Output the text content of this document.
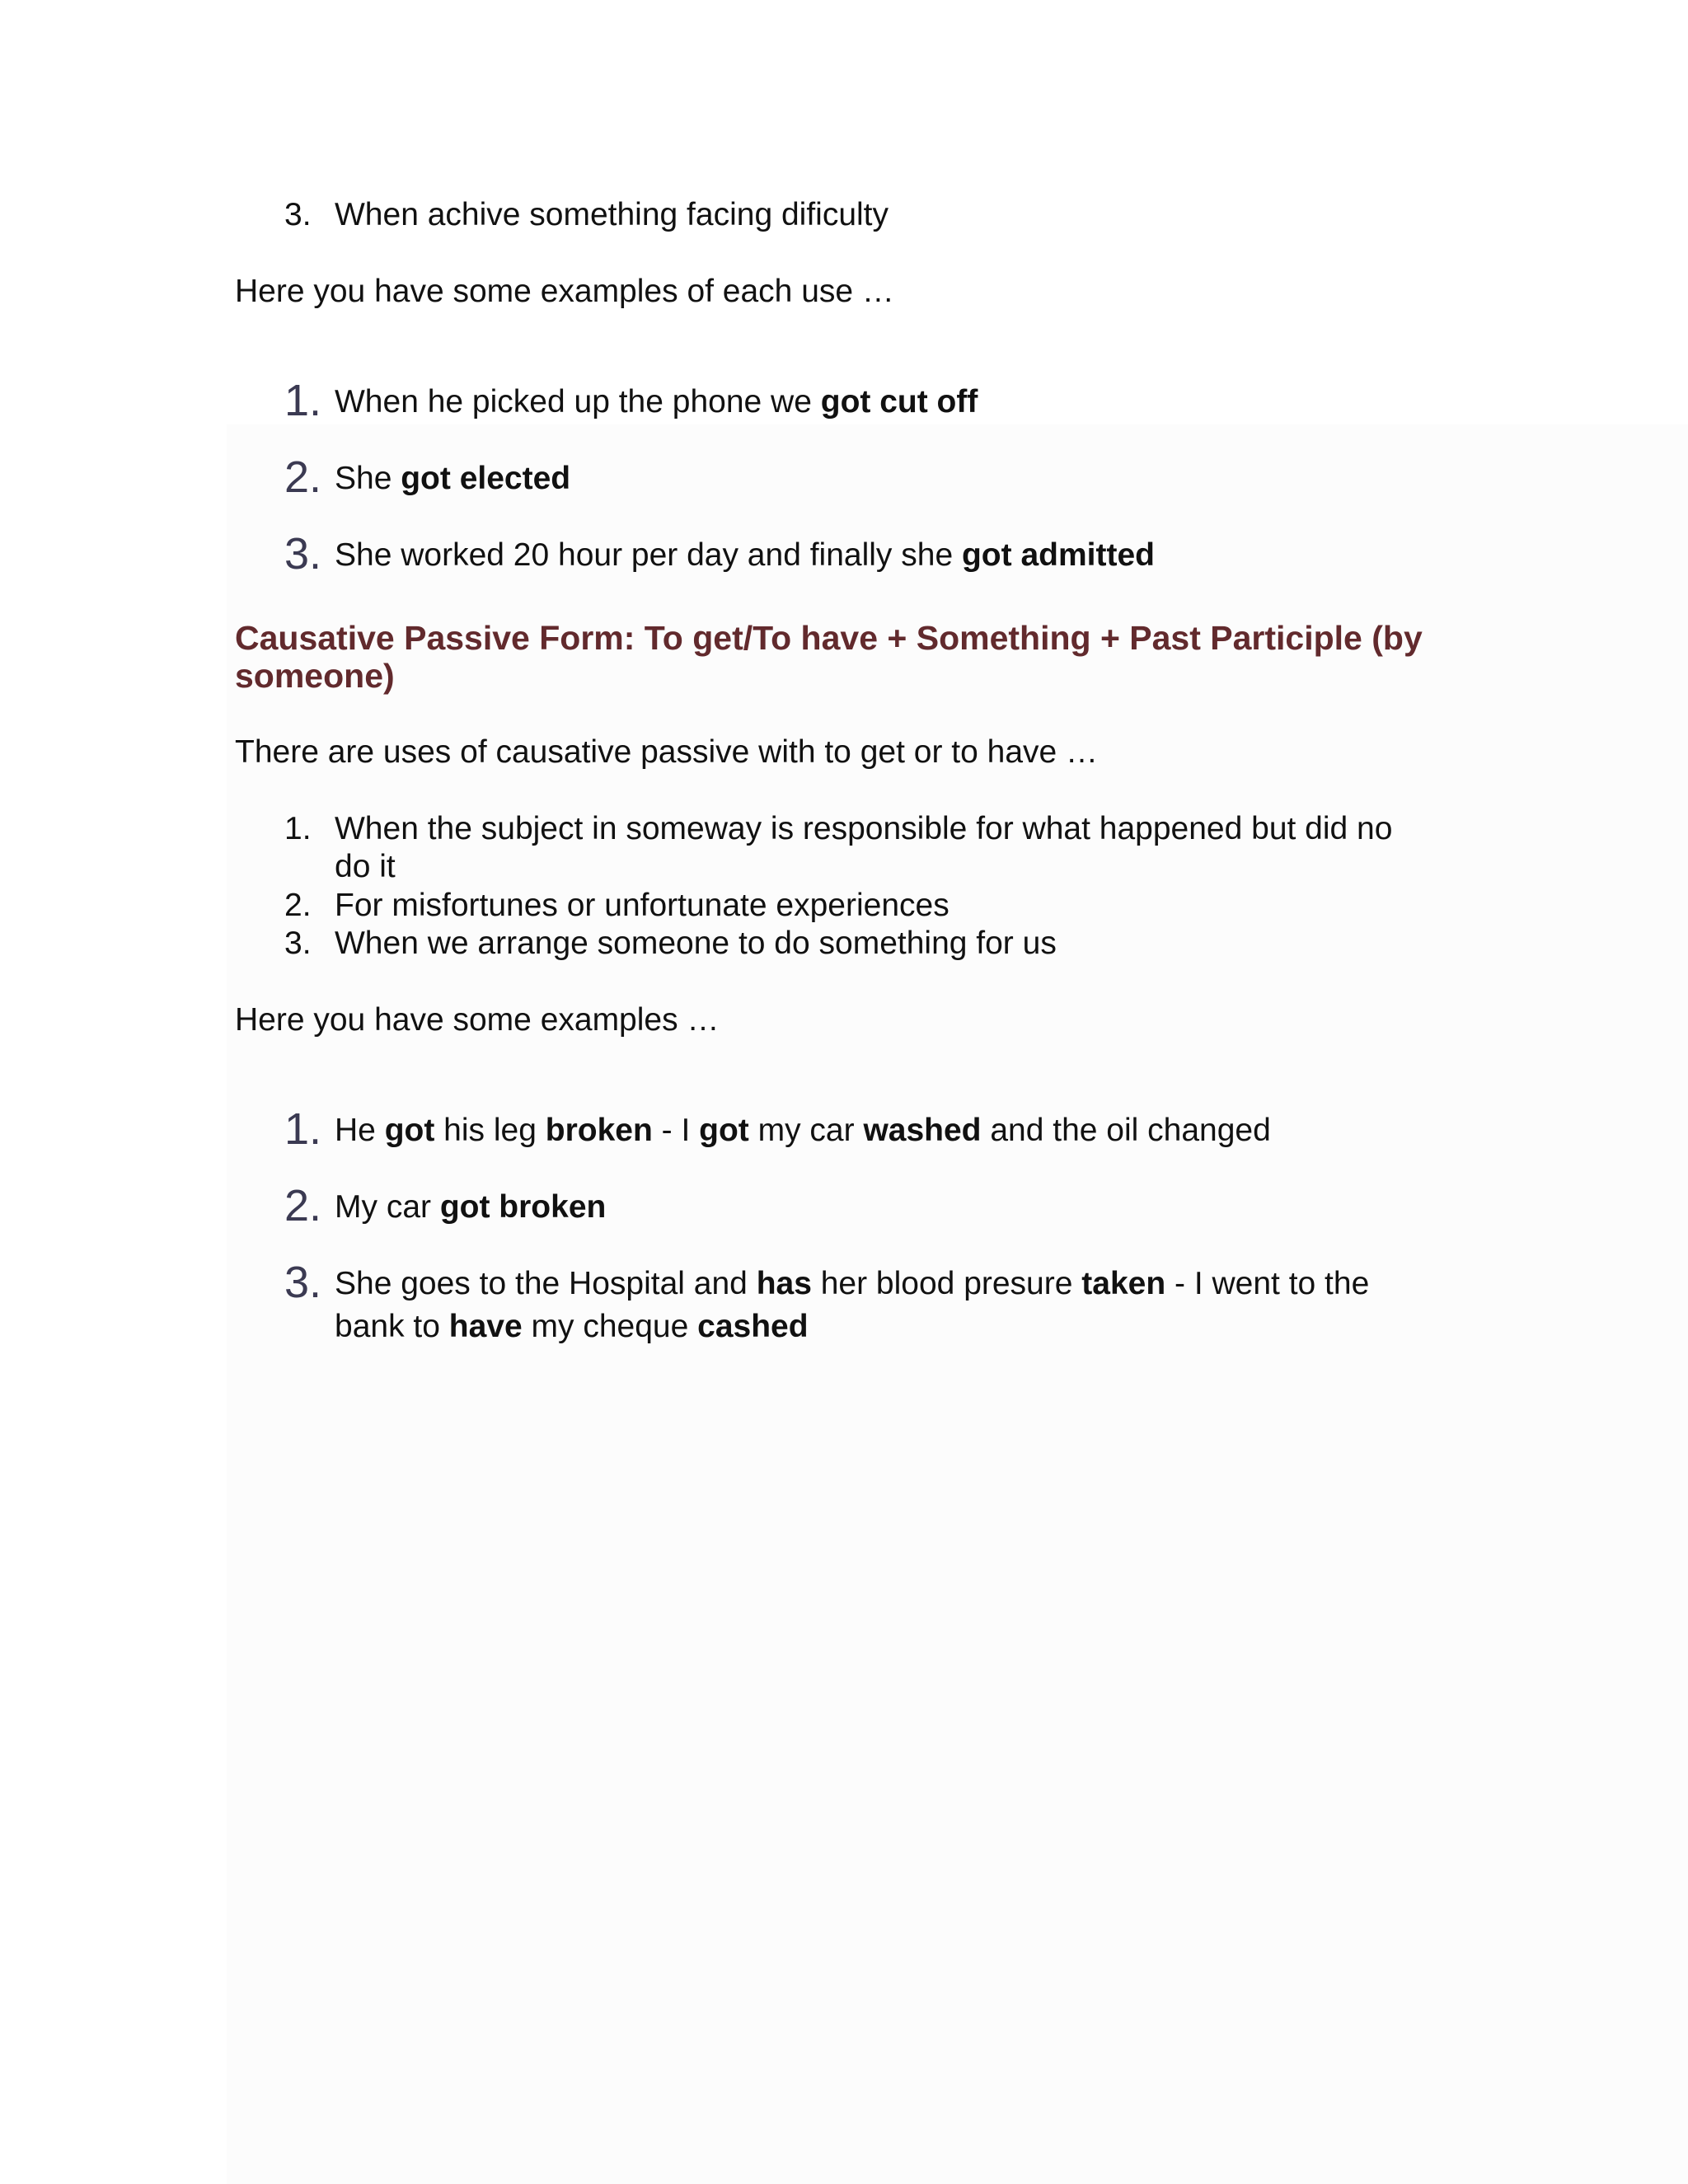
3. When achive something facing dificulty
Here you have some examples of each use …
1. When he picked up the phone we got cut off
2. She got elected
3. She worked 20 hour per day and finally she got admitted
Causative Passive Form: To get/To have + Something + Past Participle (by
someone)
There are uses of causative passive with to get or to have …
1. When the subject in someway is responsible for what happened but did no
do it
2. For misfortunes or unfortunate experiences
3. When we arrange someone to do something for us
Here you have some examples …
1. He got his leg broken - I got my car washed and the oil changed
2. My car got broken
3. She goes to the Hospital and has her blood presure taken - I went to the
bank to have my cheque cashed
